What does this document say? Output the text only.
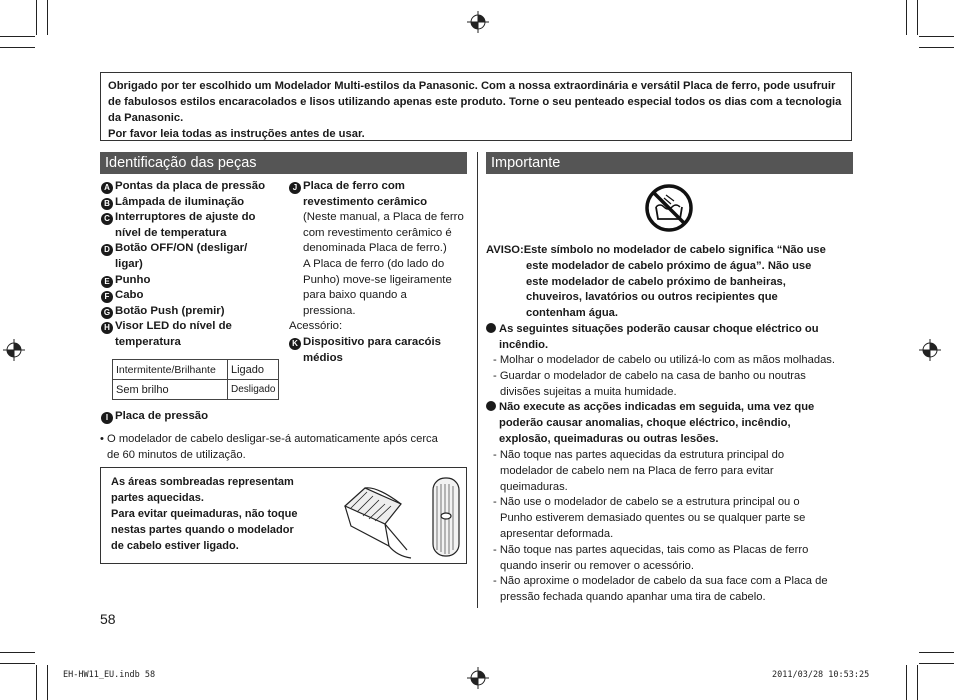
Obrigado por ter escolhido um Modelador Multi-estilos da Panasonic. Com a nossa extraordinária e versátil Placa de ferro, pode usufruir de fabulosos estilos encaracolados e lisos utilizando apenas este produto. Torne o seu penteado especial todos os dias com a tecnologia da Panasonic.
Por favor leia todas as instruções antes de usar.
Identificação das peças
A Pontas da placa de pressão
B Lâmpada de iluminação
C Interruptores de ajuste do
nível de temperatura
D Botão OFF/ON (desligar/
ligar)
E Punho
F Cabo
G Botão Push (premir)
H Visor LED do nível de
temperatura
Intermitente/Brilhante	Ligado
Sem brilho	Desligado
I Placa de pressão
J Placa de ferro com
revestimento cerâmico
(Neste manual, a Placa de ferro
com revestimento cerâmico é
denominada Placa de ferro.)
A Placa de ferro (do lado do
Punho) move-se ligeiramente
para baixo quando a
pressiona.
Acessório:
K Dispositivo para caracóis
médios
• O modelador de cabelo desligar-se-á automaticamente após cerca
de 60 minutos de utilização.
As áreas sombreadas representam
partes aquecidas.
Para evitar queimaduras, não toque
nestas partes quando o modelador
de cabelo estiver ligado.
58
Importante
AVISO:Este símbolo no modelador de cabelo significa “Não use
este modelador de cabelo próximo de água”. Não use
este modelador de cabelo próximo de banheiras,
chuveiros, lavatórios ou outros recipientes que
contenham água.
As seguintes situações poderão causar choque eléctrico ou
incêndio.
- Molhar o modelador de cabelo ou utilizá-lo com as mãos molhadas.
- Guardar o modelador de cabelo na casa de banho ou noutras
divisões sujeitas a muita humidade.
Não execute as acções indicadas em seguida, uma vez que
poderão causar anomalias, choque eléctrico, incêndio,
explosão, queimaduras ou outras lesões.
- Não toque nas partes aquecidas da estrutura principal do
modelador de cabelo nem na Placa de ferro para evitar
queimaduras.
- Não use o modelador de cabelo se a estrutura principal ou o
Punho estiverem demasiado quentes ou se qualquer parte se
apresentar deformada.
- Não toque nas partes aquecidas, tais como as Placas de ferro
quando inserir ou remover o acessório.
- Não aproxime o modelador de cabelo da sua face com a Placa de
pressão fechada quando apanhar uma tira de cabelo.
EH-HW11_EU.indb 58	2011/03/28 10:53:25
